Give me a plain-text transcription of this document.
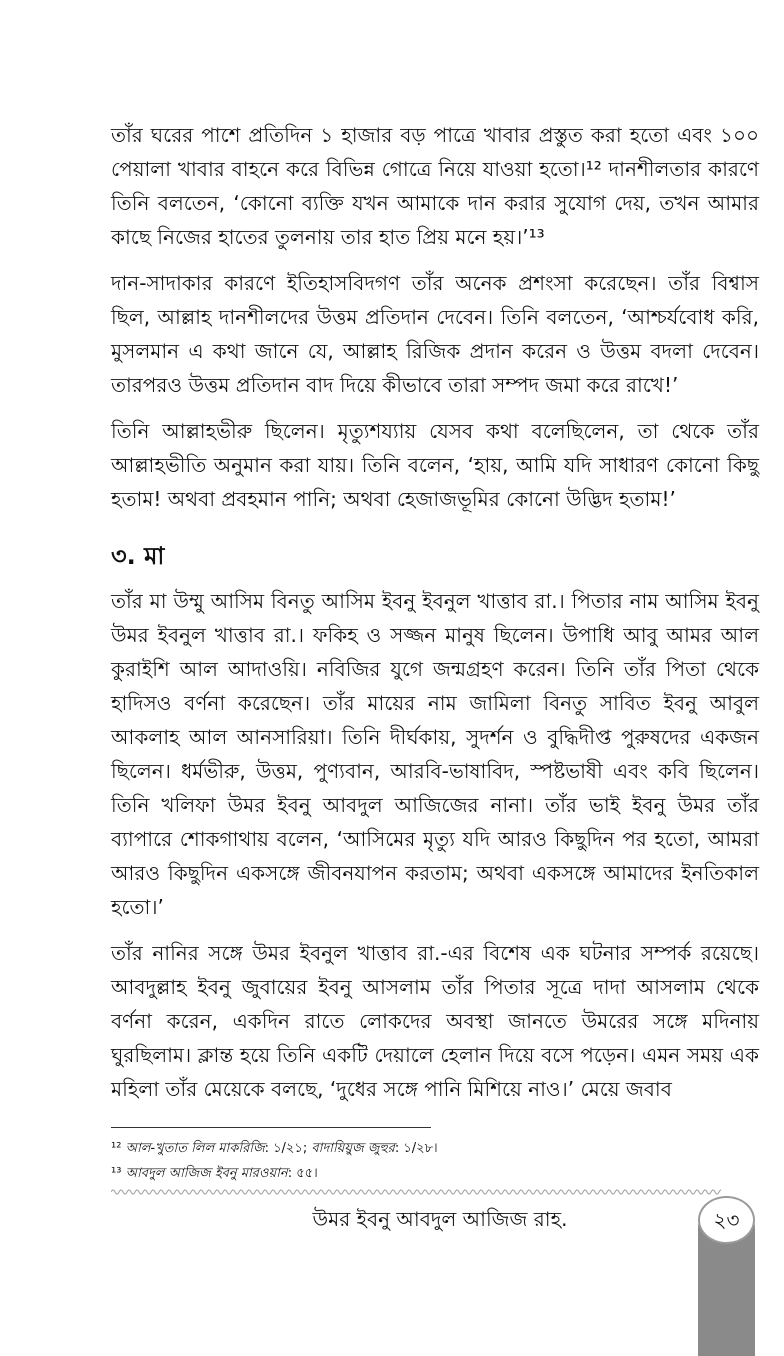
তাঁর ঘরের পাশে প্রতিদিন ১ হাজার বড় পাত্রে খাবার প্রস্তুত করা হতো এবং ১০০ পেয়ালা খাবার বাহনে করে বিভিন্ন গোত্রে নিয়ে যাওয়া হতো।¹² দানশীলতার কারণে তিনি বলতেন, ‘কোনো ব্যক্তি যখন আমাকে দান করার সুযোগ দেয়, তখন আমার কাছে নিজের হাতের তুলনায় তার হাত প্রিয় মনে হয়।’¹³

দান-সাদাকার কারণে ইতিহাসবিদগণ তাঁর অনেক প্রশংসা করেছেন। তাঁর বিশ্বাস ছিল, আল্লাহ দানশীলদের উত্তম প্রতিদান দেবেন। তিনি বলতেন, ‘আশ্চর্যবোধ করি, মুসলমান এ কথা জানে যে, আল্লাহ রিজিক প্রদান করেন ও উত্তম বদলা দেবেন। তারপরও উত্তম প্রতিদান বাদ দিয়ে কীভাবে তারা সম্পদ জমা করে রাখে!’

তিনি আল্লাহভীরু ছিলেন। মৃত্যুশয্যায় যেসব কথা বলেছিলেন, তা থেকে তাঁর আল্লাহভীতি অনুমান করা যায়। তিনি বলেন, ‘হায়, আমি যদি সাধারণ কোনো কিছু হতাম! অথবা প্রবহমান পানি; অথবা হেজাজভূমির কোনো উদ্ভিদ হতাম!’

৩. মা

তাঁর মা উম্মু আসিম বিনতু আসিম ইবনু ইবনুল খাত্তাব রা.। পিতার নাম আসিম ইবনু উমর ইবনুল খাত্তাব রা.। ফকিহ ও সজ্জন মানুষ ছিলেন। উপাধি আবু আমর আল কুরাইশি আল আদাওয়ি। নবিজির যুগে জন্মগ্রহণ করেন। তিনি তাঁর পিতা থেকে হাদিসও বর্ণনা করেছেন। তাঁর মায়ের নাম জামিলা বিনতু সাবিত ইবনু আবুল আকলাহ আল আনসারিয়া। তিনি দীর্ঘকায়, সুদর্শন ও বুদ্ধিদীপ্ত পুরুষদের একজন ছিলেন। ধর্মভীরু, উত্তম, পুণ্যবান, আরবি-ভাষাবিদ, স্পষ্টভাষী এবং কবি ছিলেন। তিনি খলিফা উমর ইবনু আবদুল আজিজের নানা। তাঁর ভাই ইবনু উমর তাঁর ব্যাপারে শোকগাথায় বলেন, ‘আসিমের মৃত্যু যদি আরও কিছুদিন পর হতো, আমরা আরও কিছুদিন একসঙ্গে জীবনযাপন করতাম; অথবা একসঙ্গে আমাদের ইনতিকাল হতো।’

তাঁর নানির সঙ্গে উমর ইবনুল খাত্তাব রা.-এর বিশেষ এক ঘটনার সম্পর্ক রয়েছে। আবদুল্লাহ ইবনু জুবায়ের ইবনু আসলাম তাঁর পিতার সূত্রে দাদা আসলাম থেকে বর্ণনা করেন, একদিন রাতে লোকদের অবস্থা জানতে উমরের সঙ্গে মদিনায় ঘুরছিলাম। ক্লান্ত হয়ে তিনি একটি দেয়ালে হেলান দিয়ে বসে পড়েন। এমন সময় এক মহিলা তাঁর মেয়েকে বলছে, ‘দুধের সঙ্গে পানি মিশিয়ে নাও।’ মেয়ে জবাব

¹² আল-খুতাত লিল মাকরিজি: ১/২১; বাদায়িয়ুজ জুহুর: ১/২৮।

¹³ আবদুল আজিজ ইবনু মারওয়ান: ৫৫।

উমর ইবনু আবদুল আজিজ রাহ.	২৩
